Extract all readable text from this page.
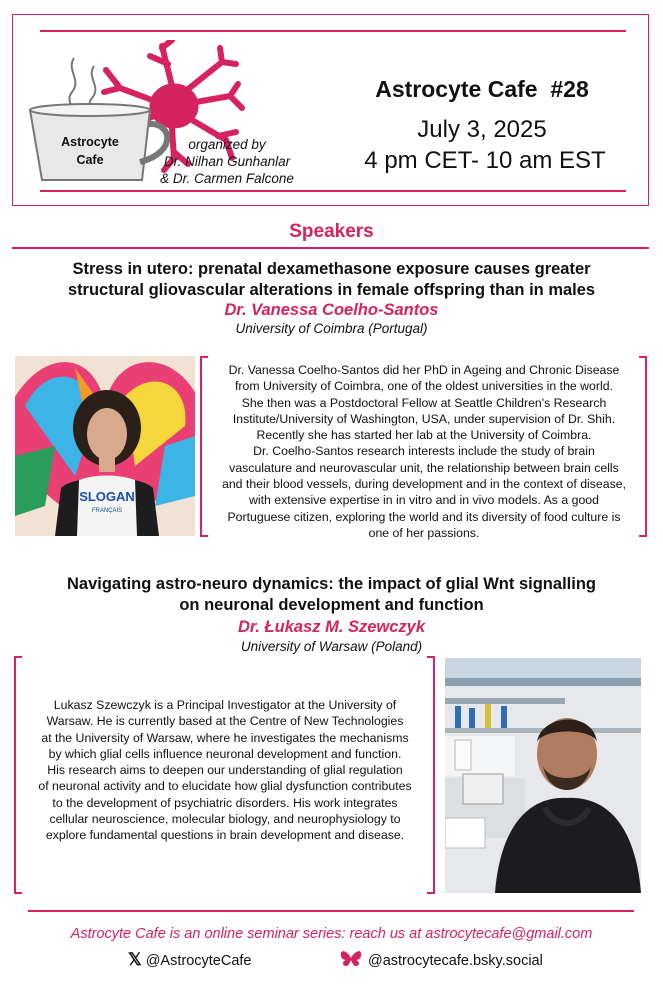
Astrocyte
Cafe
organized by
Dr. Nilhan Gunhanlar
& Dr. Carmen Falcone
Astrocyte Cafe  #28
July 3, 2025
4 pm CET- 10 am EST
Speakers
Stress in utero: prenatal dexamethasone exposure causes greater
structural gliovascular alterations in female offspring than in males
Dr. Vanessa Coelho-Santos
University of Coimbra (Portugal)
SLOGAN
FRANÇAIS
Dr. Vanessa Coelho-Santos did her PhD in Ageing and Chronic Disease
from University of Coimbra, one of the oldest universities in the world.
She then was a Postdoctoral Fellow at Seattle Children's Research
Institute/University of Washington, USA, under supervision of Dr. Shih.
Recently she has started her lab at the University of Coimbra.
Dr. Coelho-Santos research interests include the study of brain
vasculature and neurovascular unit, the relationship between brain cells
and their blood vessels, during development and in the context of disease,
with extensive expertise in in vitro and in vivo models. As a good
Portuguese citizen, exploring the world and its diversity of food culture is
one of her passions.
Navigating astro-neuro dynamics: the impact of glial Wnt signalling
on neuronal development and function
Dr. Łukasz M. Szewczyk
University of Warsaw (Poland)
Lukasz Szewczyk is a Principal Investigator at the University of
Warsaw. He is currently based at the Centre of New Technologies
at the University of Warsaw, where he investigates the mechanisms
by which glial cells influence neuronal development and function.
His research aims to deepen our understanding of glial regulation
of neuronal activity and to elucidate how glial dysfunction contributes
to the development of psychiatric disorders. His work integrates
cellular neuroscience, molecular biology, and neurophysiology to
explore fundamental questions in brain development and disease.
Astrocyte Cafe is an online seminar series: reach us at astrocytecafe@gmail.com
𝕏 @AstrocyteCafe	@astrocytecafe.bsky.social
